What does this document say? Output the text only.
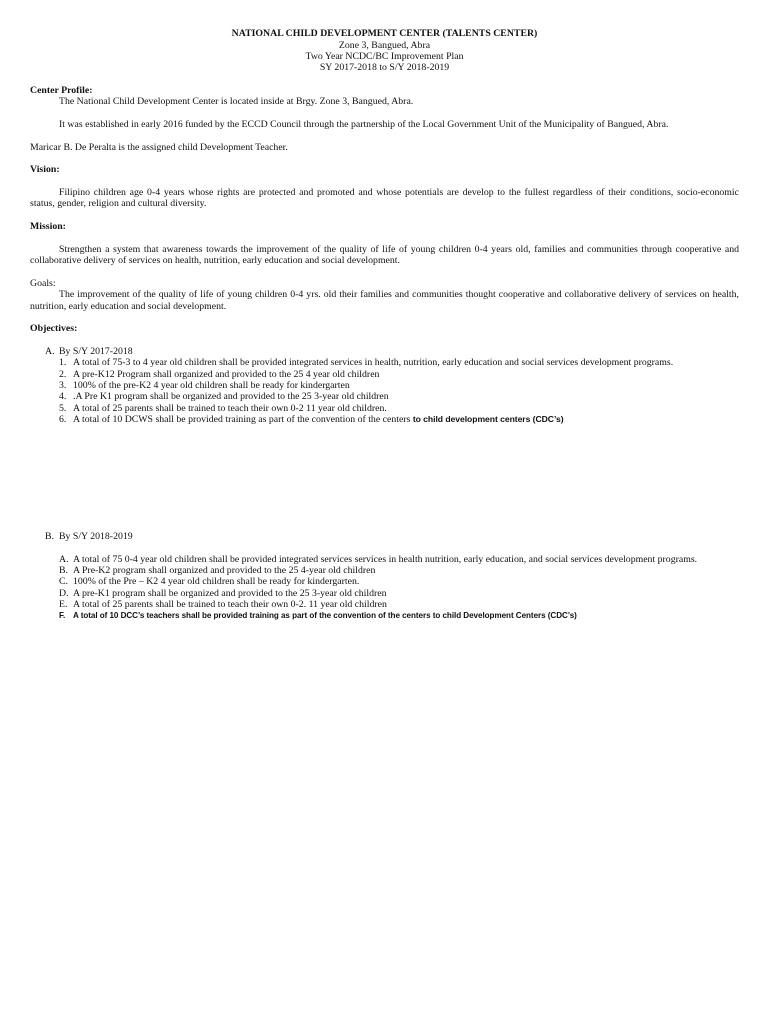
NATIONAL CHILD DEVELOPMENT CENTER (TALENTS CENTER)
Zone 3, Bangued, Abra
Two Year NCDC/BC Improvement Plan
SY 2017-2018 to S/Y 2018-2019
Center Profile:
The National Child Development Center is located inside at Brgy. Zone 3, Bangued, Abra.
It was established in early 2016 funded by the ECCD Council through the partnership of the Local Government Unit of the Municipality of Bangued, Abra.
Maricar B. De Peralta is the assigned child Development Teacher.
Vision:
Filipino children age 0-4 years whose rights are protected and promoted and whose potentials are develop to the fullest regardless of their conditions, socio-economic
status, gender, religion and cultural diversity.
Mission:
Strengthen a system that awareness towards the improvement of the quality of life of young children 0-4 years old, families and communities through cooperative and
collaborative delivery of services on health, nutrition, early education and social development.
Goals:
The improvement of the quality of life of young children 0-4 yrs. old their families and communities thought cooperative and collaborative delivery of services on health,
nutrition, early education and social development.
Objectives:
A. By S/Y 2017-2018
1. A total of 75-3 to 4 year old children shall be provided integrated services in health, nutrition, early education and social services development programs.
2. A pre-K12 Program shall organized and provided to the 25 4 year old children
3. 100% of the pre-K2 4 year old children shall be ready for kindergarten
4. .A Pre K1 program shall be organized and provided to the 25 3-year old children
5. A total of 25 parents shall be trained to teach their own 0-2 11 year old children.
6. A total of 10 DCWS shall be provided training as part of the convention of the centers to child development centers (CDC’s)
B. By S/Y 2018-2019
A. A total of 75 0-4 year old children shall be provided integrated services services in health nutrition, early education, and social services development programs.
B. A Pre-K2 program shall organized and provided to the 25 4-year old children
C. 100% of the Pre – K2 4 year old children shall be ready for kindergarten.
D. A pre-K1 program shall be organized and provided to the 25 3-year old children
E. A total of 25 parents shall be trained to teach their own 0-2. 11 year old children
F. A total of 10 DCC’s teachers shall be provided training as part of the convention of the centers to child Development Centers (CDC’s)
